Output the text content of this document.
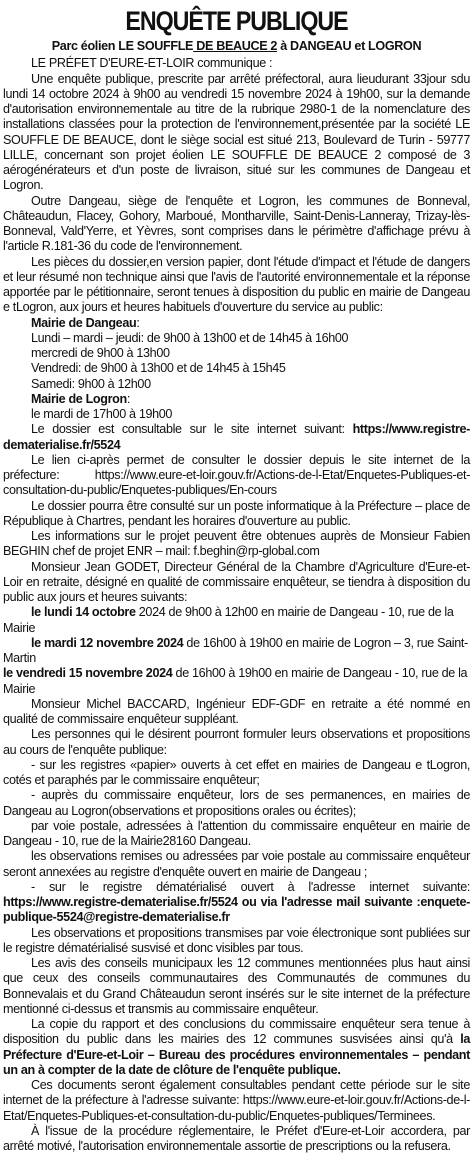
ENQUÊTE PUBLIQUE
Parc éolien LE SOUFFLE DE BEAUCE 2 à DANGEAU et LOGRON

LE PRÉFET D'EURE-ET-LOIR communique :

Une enquête publique, prescrite par arrêté préfectoral, aura lieudurant 33jour sdu lundi 14 octobre 2024 à 9h00 au vendredi 15 novembre 2024 à 19h00, sur la demande d'autorisation environnementale au titre de la rubrique 2980-1 de la nomenclature des installations classées pour la protection de l'environnement,présentée par la société LE SOUFFLE DE BEAUCE, dont le siège social est situé 213, Boulevard de Turin - 59777 LILLE, concernant son projet éolien LE SOUFFLE DE BEAUCE 2 composé de 3 aérogénérateurs et d'un poste de livraison, situé sur les communes de Dangeau et Logron.

Outre Dangeau, siège de l'enquête et Logron, les communes de Bonneval, Châteaudun, Flacey, Gohory, Marboué, Montharville, Saint-Denis-Lanneray, Trizay-lès-Bonneval, Vald'Yerre, et Yèvres, sont comprises dans le périmètre d'affichage prévu à l'article R.181-36 du code de l'environnement.

Les pièces du dossier,en version papier, dont l'étude d'impact et l'étude de dangers et leur résumé non technique ainsi que l'avis de l'autorité environnementale et la réponse apportée par le pétitionnaire, seront tenues à disposition du public en mairie de Dangeau e tLogron, aux jours et heures habituels d'ouverture du service au public:

Mairie de Dangeau:
Lundi – mardi – jeudi: de 9h00 à 13h00 et de 14h45 à 16h00
mercredi de 9h00 à 13h00
Vendredi: de 9h00 à 13h00 et de 14h45 à 15h45
Samedi: 9h00 à 12h00
Mairie de Logron:
le mardi de 17h00 à 19h00

Le dossier est consultable sur le site internet suivant: https://www.registre-dematerialise.fr/5524

Le lien ci-après permet de consulter le dossier depuis le site internet de la préfecture: https://www.eure-et-loir.gouv.fr/Actions-de-l-Etat/Enquetes-Publiques-et-consultation-du-public/Enquetes-publiques/En-cours

Le dossier pourra être consulté sur un poste informatique à la Préfecture – place de République à Chartres, pendant les horaires d'ouverture au public.

Les informations sur le projet peuvent être obtenues auprès de Monsieur Fabien BEGHIN chef de projet ENR – mail: f.beghin@rp-global.com

Monsieur Jean GODET, Directeur Général de la Chambre d'Agriculture d'Eure-et-Loir en retraite, désigné en qualité de commissaire enquêteur, se tiendra à disposition du public aux jours et heures suivants:

le lundi 14 octobre 2024 de 9h00 à 12h00 en mairie de Dangeau - 10, rue de la Mairie

le mardi 12 novembre 2024 de 16h00 à 19h00 en mairie de Logron – 3, rue Saint-Martin

le vendredi 15 novembre 2024 de 16h00 à 19h00 en mairie de Dangeau - 10, rue de la Mairie

Monsieur Michel BACCARD, Ingénieur EDF-GDF en retraite a été nommé en qualité de commissaire enquêteur suppléant.

Les personnes qui le désirent pourront formuler leurs observations et propositions au cours de l'enquête publique:

- sur les registres «papier» ouverts à cet effet en mairies de Dangeau e tLogron, cotés et paraphés par le commissaire enquêteur;

- auprès du commissaire enquêteur, lors de ses permanences, en mairies de Dangeau au Logron(observations et propositions orales ou écrites);

par voie postale, adressées à l'attention du commissaire enquêteur en mairie de Dangeau - 10, rue de la Mairie28160 Dangeau.

les observations remises ou adressées par voie postale au commissaire enquêteur seront annexées au registre d'enquête ouvert en mairie de Dangeau ;

- sur le registre dématérialisé ouvert à l'adresse internet suivante: https://www.registre-dematerialise.fr/5524 ou via l'adresse mail suivante :enquete-publique-5524@registre-dematerialise.fr

Les observations et propositions transmises par voie électronique sont publiées sur le registre dématérialisé susvisé et donc visibles par tous.

Les avis des conseils municipaux les 12 communes mentionnées plus haut ainsi que ceux des conseils communautaires des Communautés de communes du Bonnevalais et du Grand Châteaudun seront insérés sur le site internet de la préfecture mentionné ci-dessus et transmis au commissaire enquêteur.

La copie du rapport et des conclusions du commissaire enquêteur sera tenue à disposition du public dans les mairies des 12 communes susvisées ainsi qu'à la Préfecture d'Eure-et-Loir – Bureau des procédures environnementales – pendant un an à compter de la date de clôture de l'enquête publique.

Ces documents seront également consultables pendant cette période sur le site internet de la préfecture à l'adresse suivante: https://www.eure-et-loir.gouv.fr/Actions-de-l-Etat/Enquetes-Publiques-et-consultation-du-public/Enquetes-publiques/Terminees.

À l'issue de la procédure réglementaire, le Préfet d'Eure-et-Loir accordera, par arrêté motivé, l'autorisation environnementale assortie de prescriptions ou la refusera.
